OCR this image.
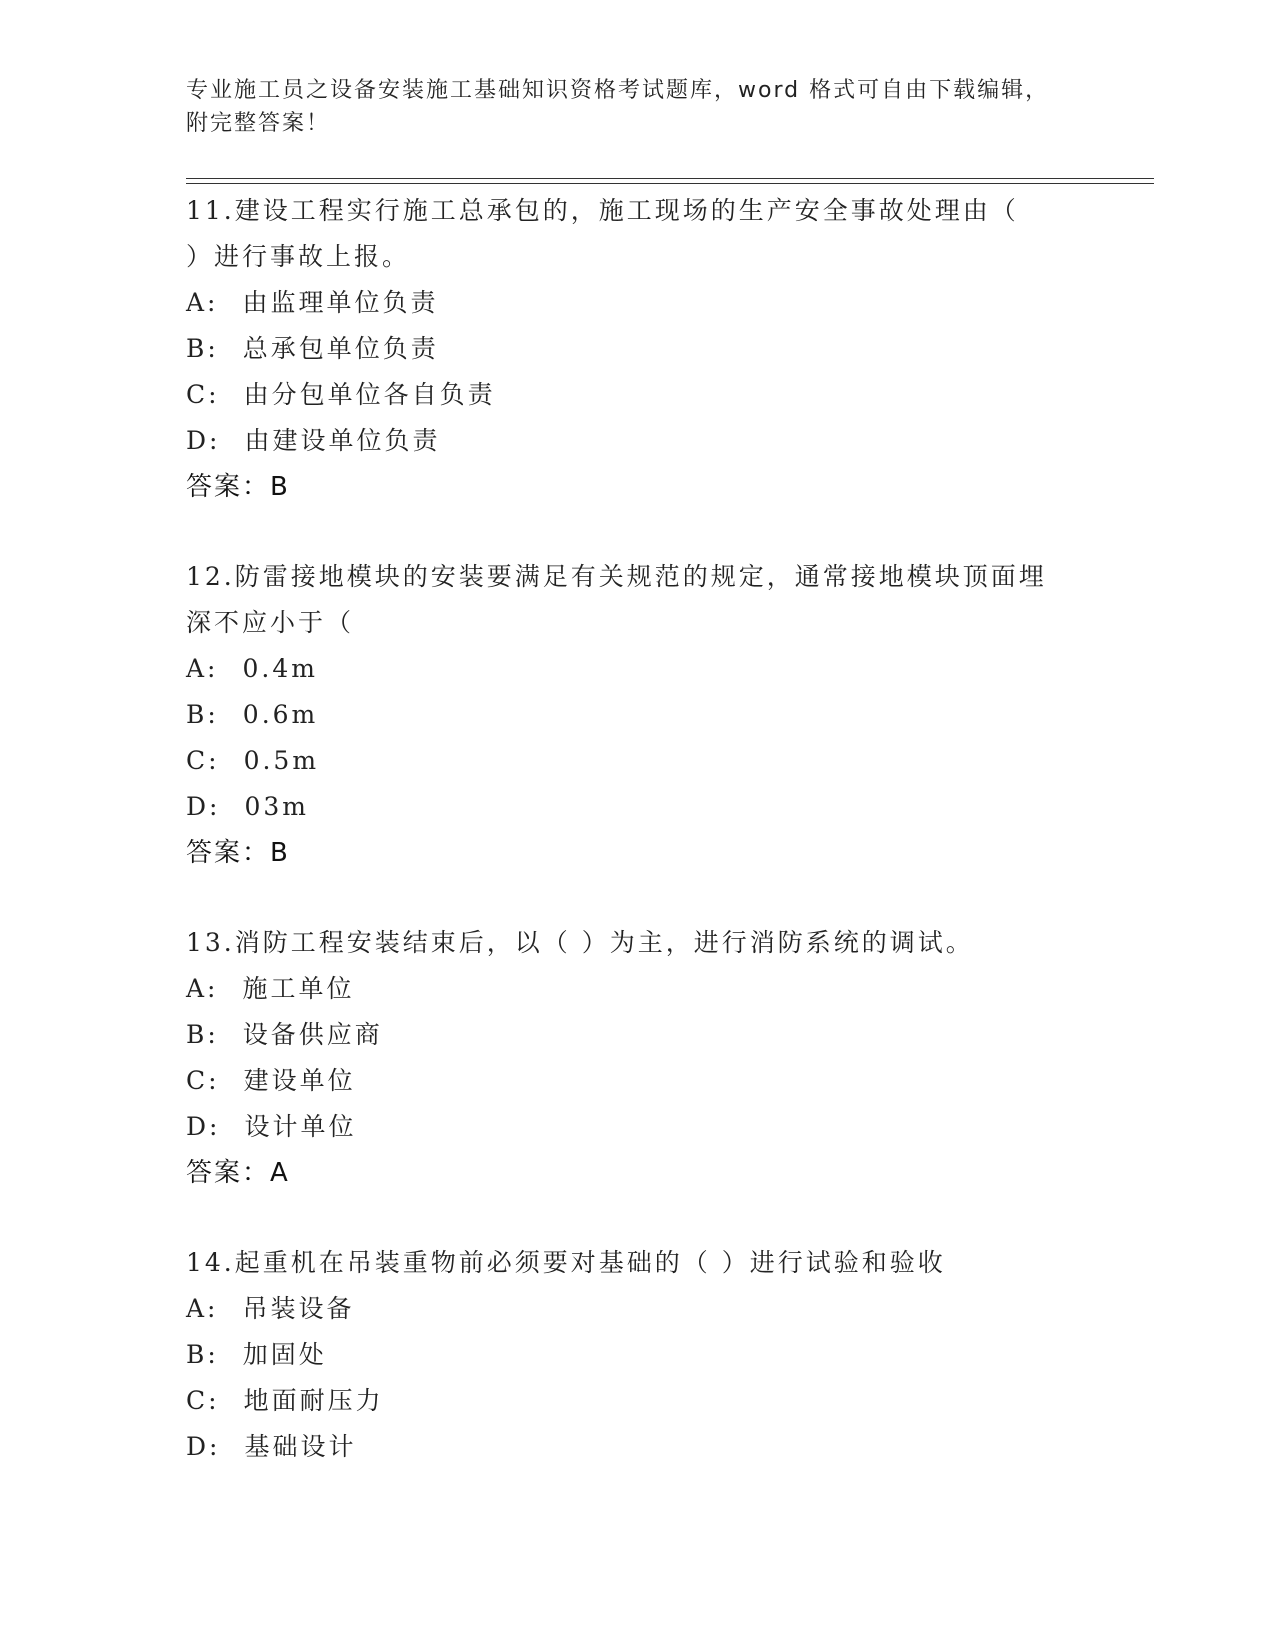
专业施工员之设备安装施工基础知识资格考试题库，word 格式可自由下载编辑，
附完整答案！
11.建设工程实行施工总承包的，施工现场的生产安全事故处理由（
）进行事故上报。
A: 由监理单位负责
B: 总承包单位负责
C: 由分包单位各自负责
D: 由建设单位负责
答案：B
12.防雷接地模块的安装要满足有关规范的规定，通常接地模块顶面埋
深不应小于（
A: 0.4m
B: 0.6m
C: 0.5m
D: 03m
答案：B
13.消防工程安装结束后，以（ ）为主，进行消防系统的调试。
A: 施工单位
B: 设备供应商
C: 建设单位
D: 设计单位
答案：A
14.起重机在吊装重物前必须要对基础的（ ）进行试验和验收
A: 吊装设备
B: 加固处
C: 地面耐压力
D: 基础设计
